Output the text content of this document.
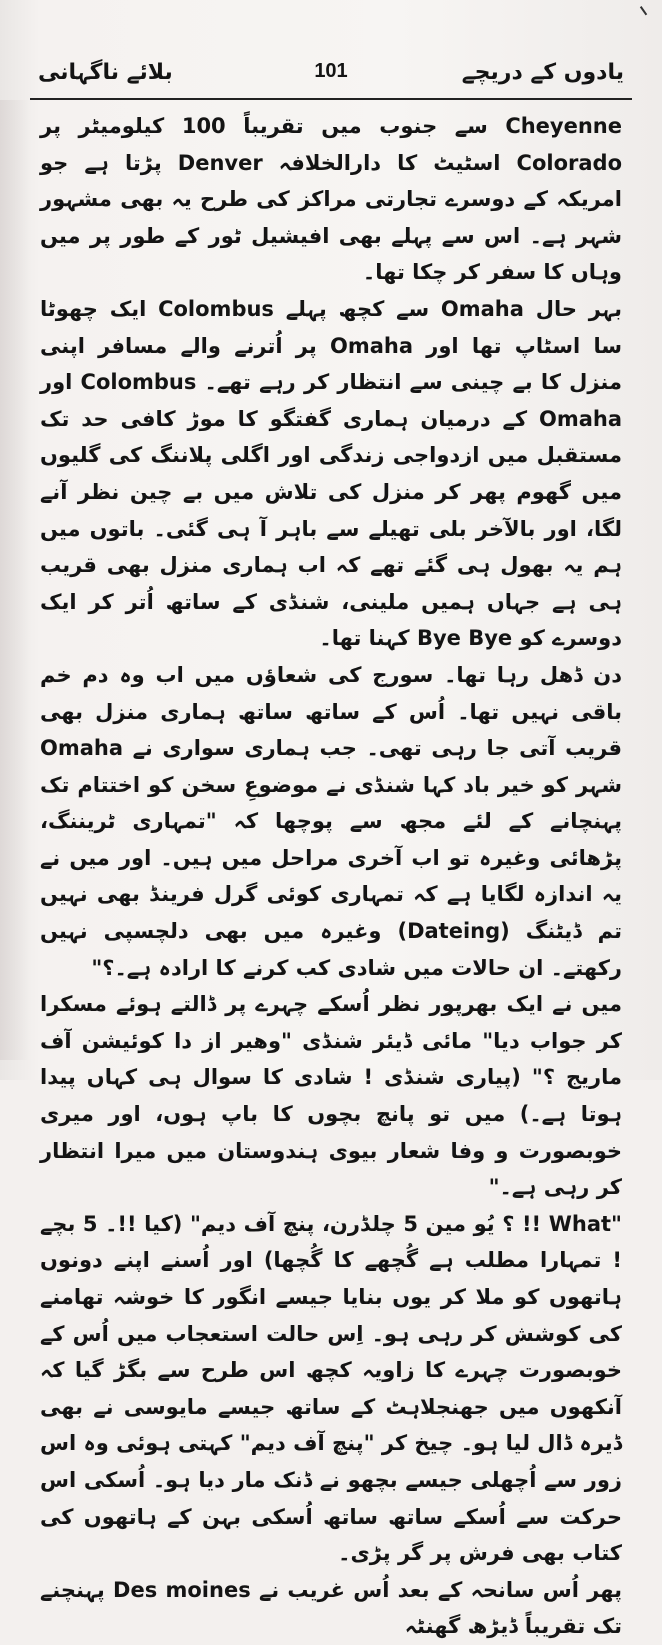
بلائے ناگہانی	101	یادوں کے دریچے

Cheyenne سے جنوب میں تقریباً 100 کیلومیٹر پر Colorado اسٹیٹ کا دارالخلافہ Denver پڑتا ہے جو امریکہ کے دوسرے تجارتی مراکز کی طرح یہ بھی مشہور شہر ہے۔ اس سے پہلے بھی افیشیل ٹور کے طور پر میں وہاں کا سفر کر چکا تھا۔

بہر حال Omaha سے کچھ پہلے Colombus ایک چھوٹا سا اسٹاپ تھا اور Omaha پر اُترنے والے مسافر اپنی منزل کا بے چینی سے انتظار کر رہے تھے۔ Colombus اور Omaha کے درمیان ہماری گفتگو کا موڑ کافی حد تک مستقبل میں ازدواجی زندگی اور اگلی پلاننگ کی گلیوں میں گھوم پھر کر منزل کی تلاش میں بے چین نظر آنے لگا، اور بالآخر بلی تھیلے سے باہر آ ہی گئی۔ باتوں میں ہم یہ بھول ہی گئے تھے کہ اب ہماری منزل بھی قریب ہی ہے جہاں ہمیں ملینی، شنڈی کے ساتھ اُتر کر ایک دوسرے کو Bye Bye کہنا تھا۔

دن ڈھل رہا تھا۔ سورج کی شعاؤں میں اب وہ دم خم باقی نہیں تھا۔ اُس کے ساتھ ساتھ ہماری منزل بھی قریب آتی جا رہی تھی۔ جب ہماری سواری نے Omaha شہر کو خیر باد کہا شنڈی نے موضوعِ سخن کو اختتام تک پہنچانے کے لئے مجھ سے پوچھا کہ "تمہاری ٹریننگ، پڑھائی وغیرہ تو اب آخری مراحل میں ہیں۔ اور میں نے یہ اندازہ لگایا ہے کہ تمہاری کوئی گرل فرینڈ بھی نہیں تم ڈیٹنگ (Dateing) وغیرہ میں بھی دلچسپی نہیں رکھتے۔ ان حالات میں شادی کب کرنے کا ارادہ ہے۔؟"

میں نے ایک بھرپور نظر اُسکے چہرے پر ڈالتے ہوئے مسکرا کر جواب دیا" مائی ڈیئر شنڈی "وھیر از دا کوئیشن آف ماریج ؟" (پیاری شنڈی ! شادی کا سوال ہی کہاں پیدا ہوتا ہے۔) میں تو پانچ بچوں کا باپ ہوں، اور میری خوبصورت و وفا شعار بیوی ہندوستان میں میرا انتظار کر رہی ہے۔"

"What !! ؟ یُو مین 5 چلڈرن، پنچ آف دیم" (کیا !!۔ 5 بچے ! تمہارا مطلب ہے گُچھے کا گُچھا) اور اُسنے اپنے دونوں ہاتھوں کو ملا کر یوں بنایا جیسے انگور کا خوشہ تھامنے کی کوشش کر رہی ہو۔ اِس حالت استعجاب میں اُس کے خوبصورت چہرے کا زاویہ کچھ اس طرح سے بگڑ گیا کہ آنکھوں میں جھنجلاہٹ کے ساتھ جیسے مایوسی نے بھی ڈیرہ ڈال لیا ہو۔ چیخ کر "پنچ آف دیم" کہتی ہوئی وہ اس زور سے اُچھلی جیسے بچھو نے ڈنک مار دیا ہو۔ اُسکی اس حرکت سے اُسکے ساتھ ساتھ اُسکی بہن کے ہاتھوں کی کتاب بھی فرش پر گر پڑی۔

پھر اُس سانحہ کے بعد اُس غریب نے Des moines پہنچنے تک تقریباً ڈیڑھ گھنٹہ
